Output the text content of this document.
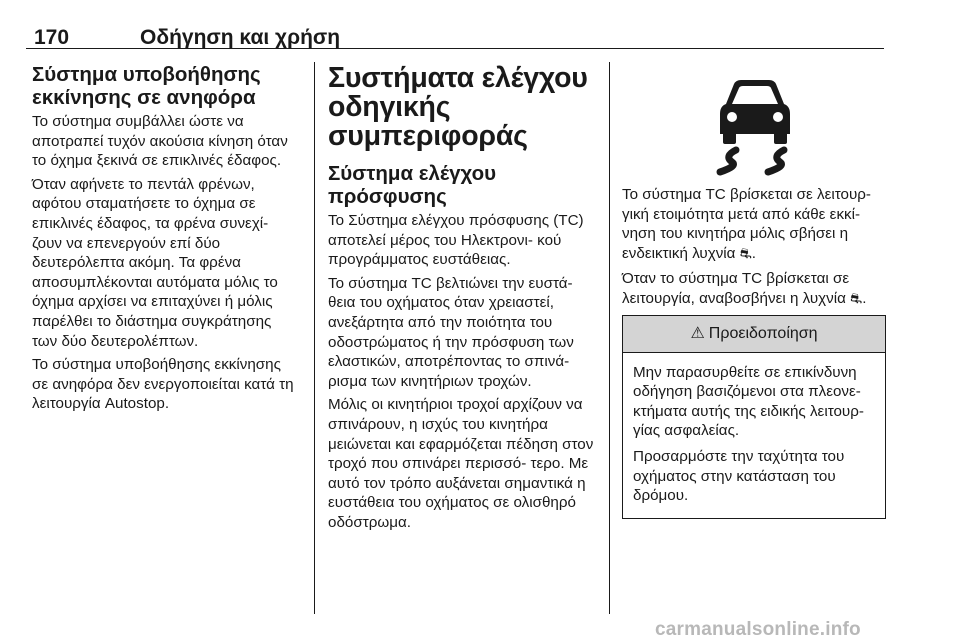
170	Οδήγηση και χρήση
Σύστημα υποβοήθησης εκκίνησης σε ανηφόρα

Το σύστημα συμβάλλει ώστε να αποτραπεί τυχόν ακούσια κίνηση όταν το όχημα ξεκινά σε επικλινές έδαφος.

Όταν αφήνετε το πεντάλ φρένων, αφότου σταματήσετε το όχημα σε επικλινές έδαφος, τα φρένα συνεχί‐ ζουν να επενεργούν επί δύο δευτερόλεπτα ακόμη. Τα φρένα αποσυμπλέκονται αυτόματα μόλις το όχημα αρχίσει να επιταχύνει ή μόλις παρέλθει το διάστημα συγκράτησης των δύο δευτερολέπτων.

Το σύστημα υποβοήθησης εκκίνησης σε ανηφόρα δεν ενεργοποιείται κατά τη λειτουργία Autostop.

Συστήματα ελέγχου οδηγικής συμπεριφοράς
Σύστημα ελέγχου πρόσφυσης

Το Σύστημα ελέγχου πρόσφυσης (TC) αποτελεί μέρος του Ηλεκτρονι‐ κού προγράμματος ευστάθειας.

Το σύστημα TC βελτιώνει την ευστά‐ θεια του οχήματος όταν χρειαστεί, ανεξάρτητα από την ποιότητα του οδοστρώματος ή την πρόσφυση των ελαστικών, αποτρέποντας το σπινά‐ ρισμα των κινητήριων τροχών.

Μόλις οι κινητήριοι τροχοί αρχίζουν να σπινάρουν, η ισχύς του κινητήρα μειώνεται και εφαρμόζεται πέδηση στον τροχό που σπινάρει περισσό‐ τερο. Με αυτό τον τρόπο αυξάνεται σημαντικά η ευστάθεια του οχήματος σε ολισθηρό οδόστρωμα.

Το σύστημα TC βρίσκεται σε λειτουρ‐ γική ετοιμότητα μετά από κάθε εκκί‐ νηση του κινητήρα μόλις σβήσει η ενδεικτική λυχνία ⛐.

Όταν το σύστημα TC βρίσκεται σε λειτουργία, αναβοσβήνει η λυχνία ⛐.

⚠ Προειδοποίηση

Μην παρασυρθείτε σε επικίνδυνη οδήγηση βασιζόμενοι στα πλεονε‐ κτήματα αυτής της ειδικής λειτουρ‐ γίας ασφαλείας.

Προσαρμόστε την ταχύτητα του οχήματος στην κατάσταση του δρόμου.

carmanualsonline.info
